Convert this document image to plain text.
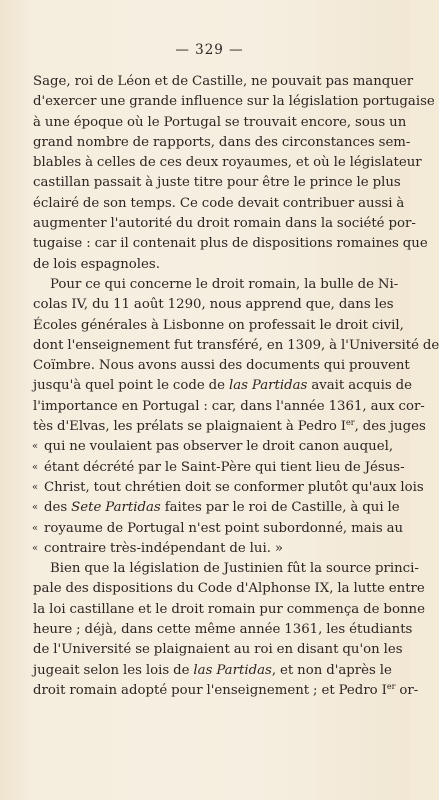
— 329 —
Sage, roi de Léon et de Castille, ne pouvait pas manquer
d'exercer une grande influence sur la législation portugaise
à une époque où le Portugal se trouvait encore, sous un
grand nombre de rapports, dans des circonstances sem-
blables à celles de ces deux royaumes, et où le législateur
castillan passait à juste titre pour être le prince le plus
éclairé de son temps. Ce code devait contribuer aussi à
augmenter l'autorité du droit romain dans la société por-
tugaise : car il contenait plus de dispositions romaines que
de lois espagnoles.
Pour ce qui concerne le droit romain, la bulle de Ni-
colas IV, du 11 août 1290, nous apprend que, dans les
Écoles générales à Lisbonne on professait le droit civil,
dont l'enseignement fut transféré, en 1309, à l'Université de
Coïmbre. Nous avons aussi des documents qui prouvent
jusqu'à quel point le code de las Partidas avait acquis de
l'importance en Portugal : car, dans l'année 1361, aux cor-
tès d'Elvas, les prélats se plaignaient à Pedro Ier, des juges
« qui ne voulaient pas observer le droit canon auquel,
« étant décrété par le Saint-Père qui tient lieu de Jésus-
« Christ, tout chrétien doit se conformer plutôt qu'aux lois
« des Sete Partidas faites par le roi de Castille, à qui le
« royaume de Portugal n'est point subordonné, mais au
« contraire très-indépendant de lui. »
Bien que la législation de Justinien fût la source princi-
pale des dispositions du Code d'Alphonse IX, la lutte entre
la loi castillane et le droit romain pur commença de bonne
heure ; déjà, dans cette même année 1361, les étudiants
de l'Université se plaignaient au roi en disant qu'on les
jugeait selon les lois de las Partidas, et non d'après le
droit romain adopté pour l'enseignement ; et Pedro Ier or-
